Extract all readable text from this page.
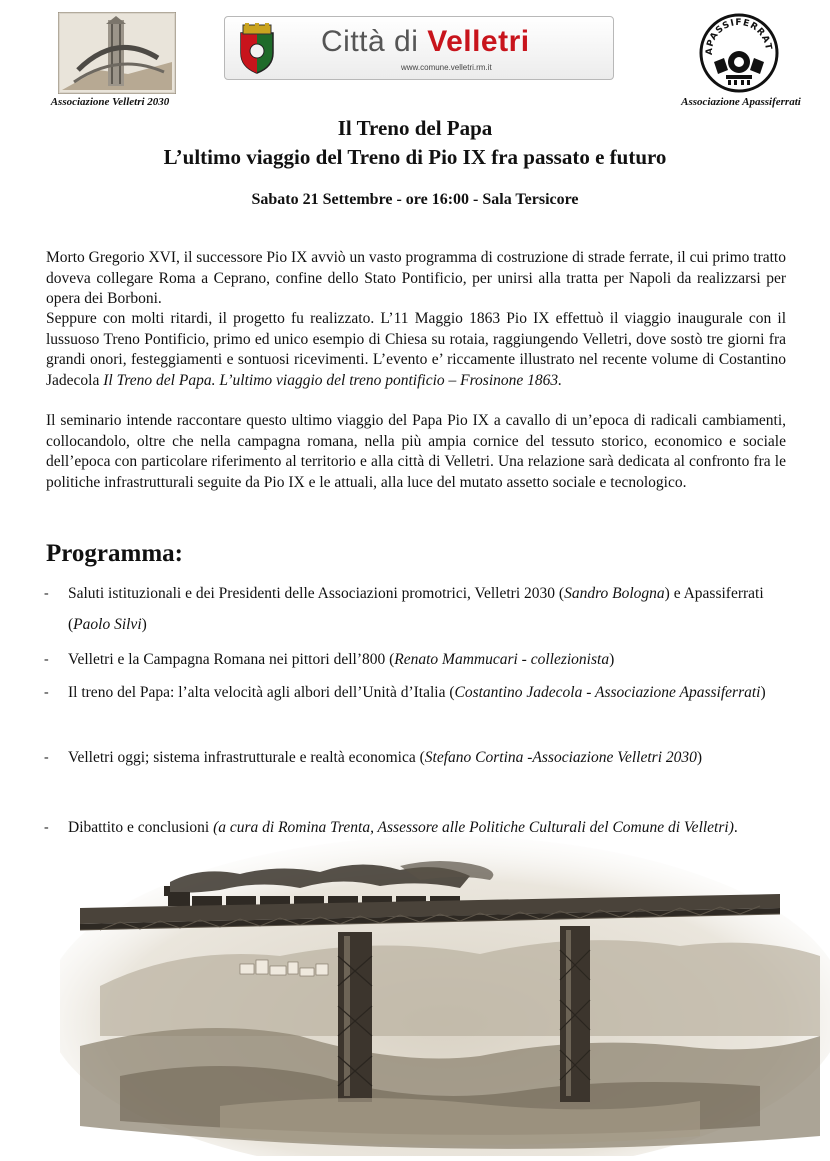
Associazione Velletri 2030
Città di Velletri
www.comune.velletri.rm.it
APASSIFERRAT
Associazione Apassiferrati
Il Treno del Papa
L’ultimo viaggio del Treno di Pio IX fra passato e futuro
Sabato 21 Settembre - ore 16:00 - Sala Tersicore
Morto Gregorio XVI, il successore Pio IX avviò un vasto programma di costruzione di strade ferrate, il cui primo tratto doveva collegare Roma a Ceprano, confine dello Stato Pontificio, per unirsi alla tratta per Napoli da realizzarsi per opera dei Borboni.
Seppure con molti ritardi, il progetto fu realizzato. L’11 Maggio 1863 Pio IX effettuò il viaggio inaugurale con il lussuoso Treno Pontificio, primo ed unico esempio di Chiesa su rotaia, raggiungendo Velletri, dove sostò tre giorni fra grandi onori, festeggiamenti e sontuosi ricevimenti. L’evento e’ riccamente illustrato nel recente volume di Costantino Jadecola Il Treno del Papa. L’ultimo viaggio del treno pontificio – Frosinone 1863.
Il seminario intende raccontare questo ultimo viaggio del Papa Pio IX a cavallo di un’epoca di radicali cambiamenti, collocandolo, oltre che nella campagna romana, nella più ampia cornice del tessuto storico, economico e sociale dell’epoca con particolare riferimento al territorio e alla città di Velletri. Una relazione sarà dedicata al confronto fra le politiche infrastrutturali seguite da Pio IX e le attuali, alla luce del mutato assetto sociale e tecnologico.
Programma:
-	Saluti istituzionali e dei Presidenti delle Associazioni promotrici, Velletri 2030 (Sandro Bologna) e Apassiferrati (Paolo Silvi)
-	Velletri e la Campagna Romana nei pittori dell’800 (Renato Mammucari - collezionista)
-	Il treno del Papa: l’alta velocità agli albori dell’Unità d’Italia (Costantino Jadecola - Associazione Apassiferrati)
-	Velletri oggi; sistema infrastrutturale e realtà economica (Stefano Cortina -Associazione Velletri 2030)
-	Dibattito e conclusioni (a cura di Romina Trenta, Assessore alle Politiche Culturali del Comune di Velletri).
